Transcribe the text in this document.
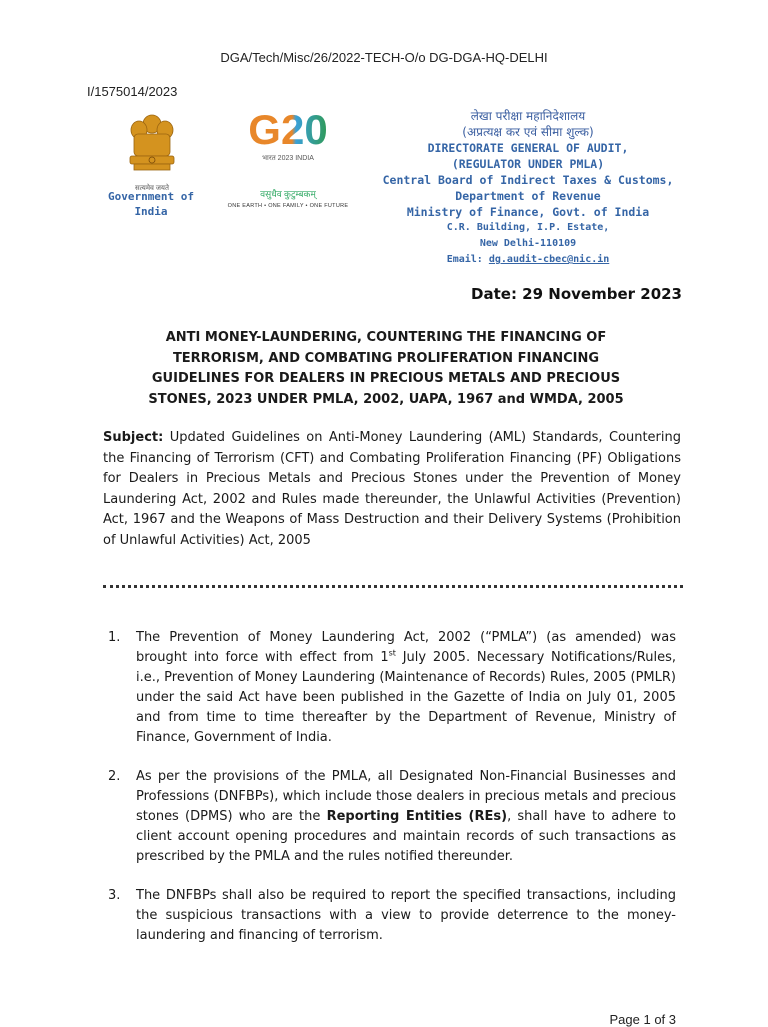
DGA/Tech/Misc/26/2022-TECH-O/o DG-DGA-HQ-DELHI
I/1575014/2023
सत्यमेव जयते
Government of
India
G20
भारत 2023 INDIA
वसुधैव कुटुम्बकम्
ONE EARTH • ONE FAMILY • ONE FUTURE
लेखा परीक्षा महानिदेशालय
(अप्रत्यक्ष कर एवं सीमा शुल्क)
DIRECTORATE GENERAL OF AUDIT,
(REGULATOR UNDER PMLA)
Central Board of Indirect Taxes & Customs,
Department of Revenue
Ministry of Finance, Govt. of India
C.R. Building, I.P. Estate,
New Delhi-110109
Email: dg.audit-cbec@nic.in
Date: 29 November 2023
ANTI MONEY-LAUNDERING, COUNTERING THE FINANCING OF
TERRORISM, AND COMBATING PROLIFERATION FINANCING
GUIDELINES FOR DEALERS IN PRECIOUS METALS AND PRECIOUS
STONES, 2023 UNDER PMLA, 2002, UAPA, 1967 and WMDA, 2005
Subject: Updated Guidelines on Anti-Money Laundering (AML) Standards, Countering the Financing of Terrorism (CFT) and Combating Proliferation Financing (PF) Obligations for Dealers in Precious Metals and Precious Stones under the Prevention of Money Laundering Act, 2002 and Rules made thereunder, the Unlawful Activities (Prevention) Act, 1967 and the Weapons of Mass Destruction and their Delivery Systems (Prohibition of Unlawful Activities) Act, 2005
1. The Prevention of Money Laundering Act, 2002 (“PMLA”) (as amended) was brought into force with effect from 1st July 2005. Necessary Notifications/Rules, i.e., Prevention of Money Laundering (Maintenance of Records) Rules, 2005 (PMLR) under the said Act have been published in the Gazette of India on July 01, 2005 and from time to time thereafter by the Department of Revenue, Ministry of Finance, Government of India.
2. As per the provisions of the PMLA, all Designated Non-Financial Businesses and Professions (DNFBPs), which include those dealers in precious metals and precious stones (DPMS) who are the Reporting Entities (REs), shall have to adhere to client account opening procedures and maintain records of such transactions as prescribed by the PMLA and the rules notified thereunder.
3. The DNFBPs shall also be required to report the specified transactions, including the suspicious transactions with a view to provide deterrence to the money-laundering and financing of terrorism.
Page 1 of 3
